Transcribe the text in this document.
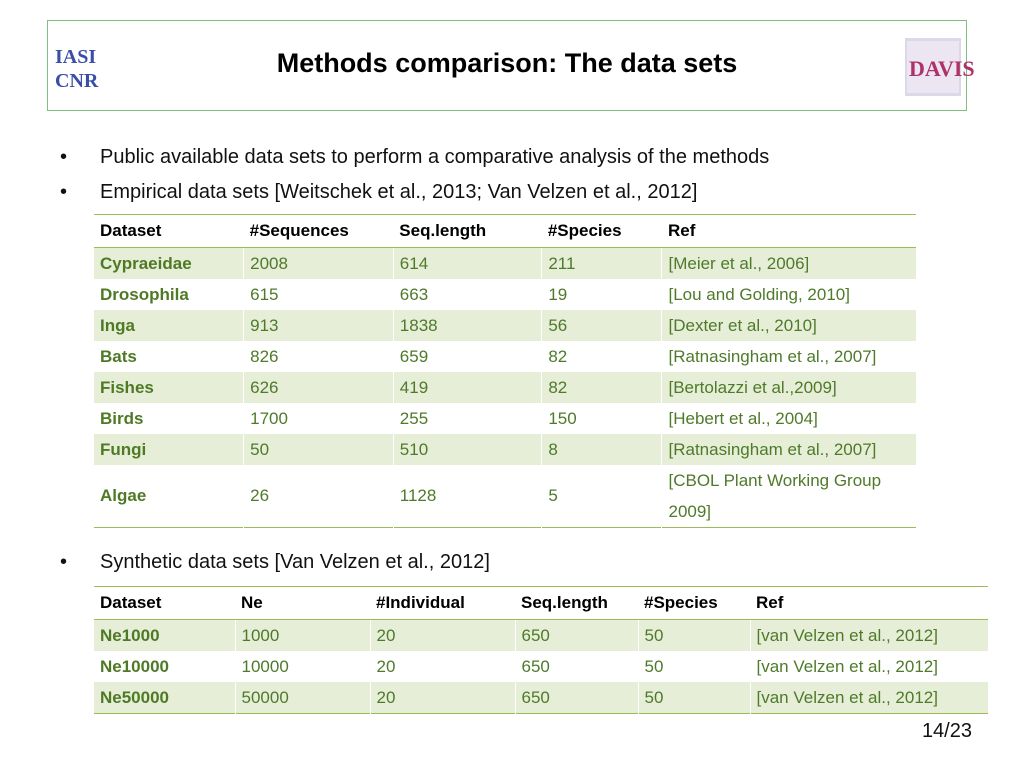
IASI
CNR
Methods comparison: The data sets	DAVIS
• Public available data sets to perform a comparative analysis of the methods
• Empirical data sets [Weitschek et al., 2013; Van Velzen et al., 2012]
Dataset	#Sequences	Seq.length	#Species	Ref
Cypraeidae	2008	614	211	[Meier et al., 2006]
Drosophila	615	663	19	[Lou and Golding, 2010]
Inga	913	1838	56	[Dexter et al., 2010]
Bats	826	659	82	[Ratnasingham et al., 2007]
Fishes	626	419	82	[Bertolazzi et al.,2009]
Birds	1700	255	150	[Hebert et al., 2004]
Fungi	50	510	8	[Ratnasingham et al., 2007]
Algae	26	1128	5	[CBOL Plant Working Group 2009]
• Synthetic data sets [Van Velzen et al., 2012]
Dataset	Ne	#Individual	Seq.length	#Species	Ref
Ne1000	1000	20	650	50	[van Velzen et al., 2012]
Ne10000	10000	20	650	50	[van Velzen et al., 2012]
Ne50000	50000	20	650	50	[van Velzen et al., 2012]
14/23
